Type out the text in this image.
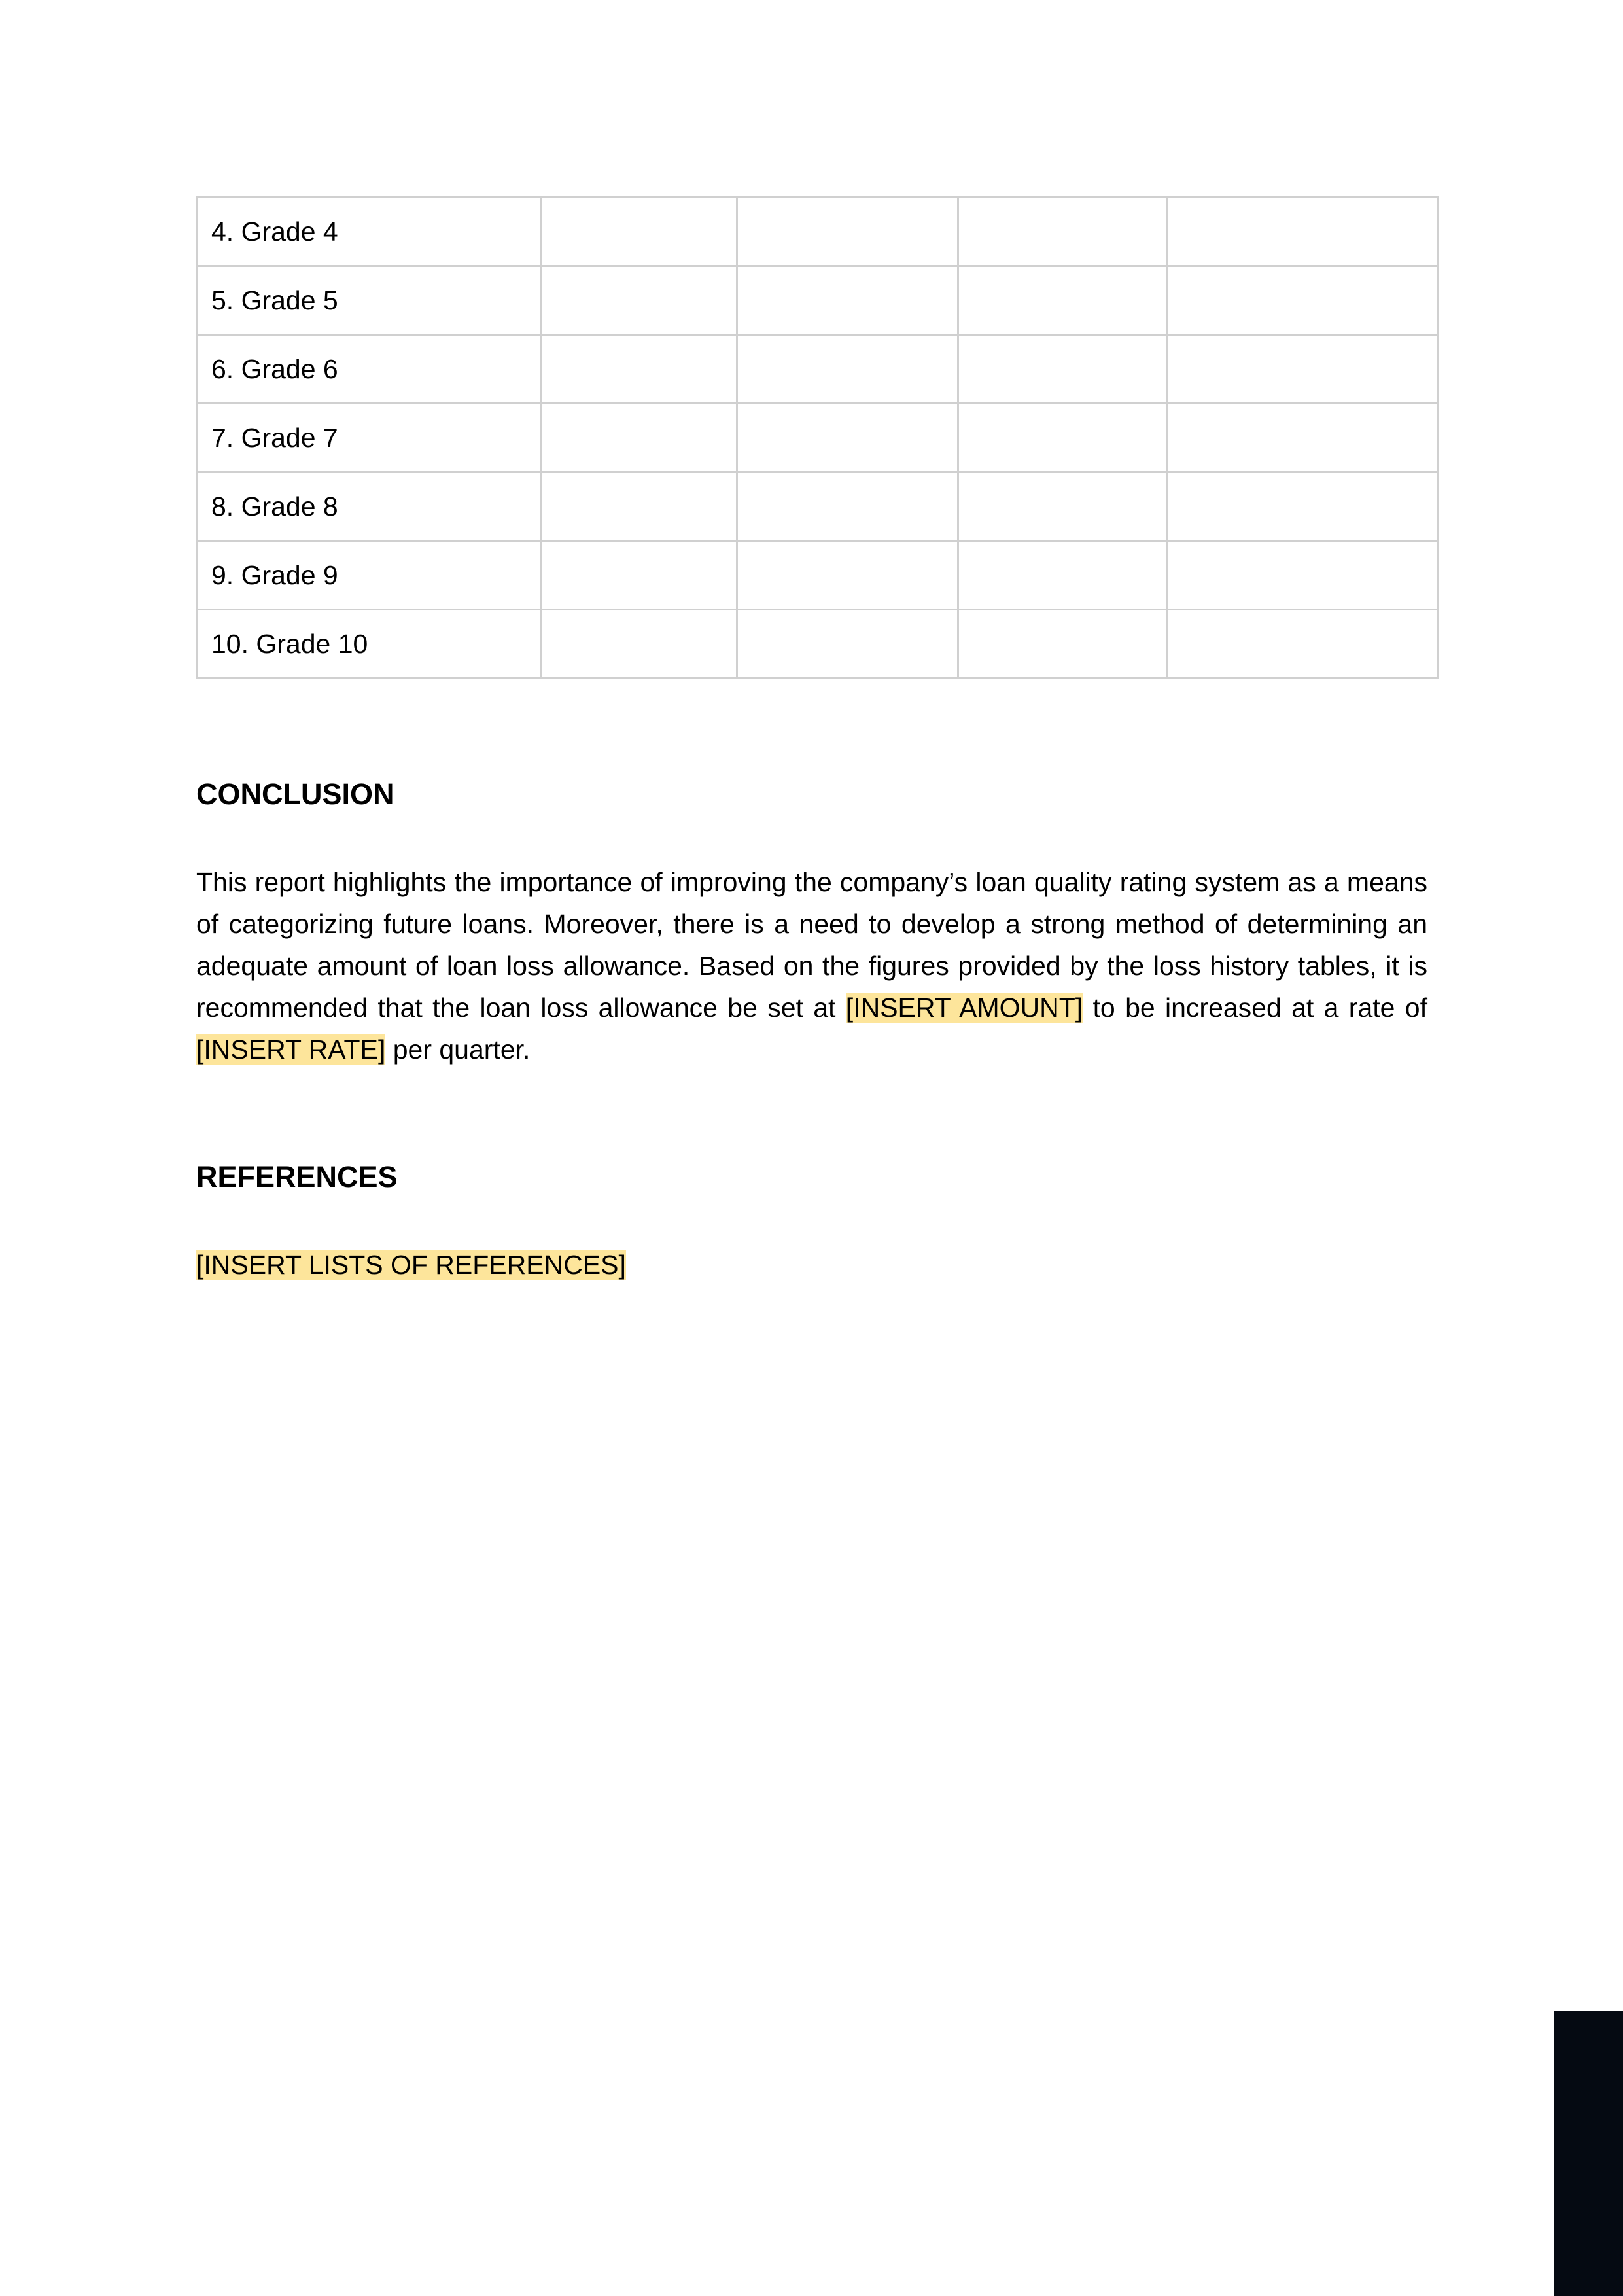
4. Grade 4				
5. Grade 5				
6. Grade 6				
7. Grade 7				
8. Grade 8				
9. Grade 9				
10. Grade 10				
CONCLUSION

This report highlights the importance of improving the company’s loan quality rating system as a means of categorizing future loans. Moreover, there is a need to develop a strong method of determining an adequate amount of loan loss allowance. Based on the figures provided by the loss history tables, it is recommended that the loan loss allowance be set at [INSERT AMOUNT] to be increased at a rate of [INSERT RATE] per quarter.

REFERENCES

[INSERT LISTS OF REFERENCES]
